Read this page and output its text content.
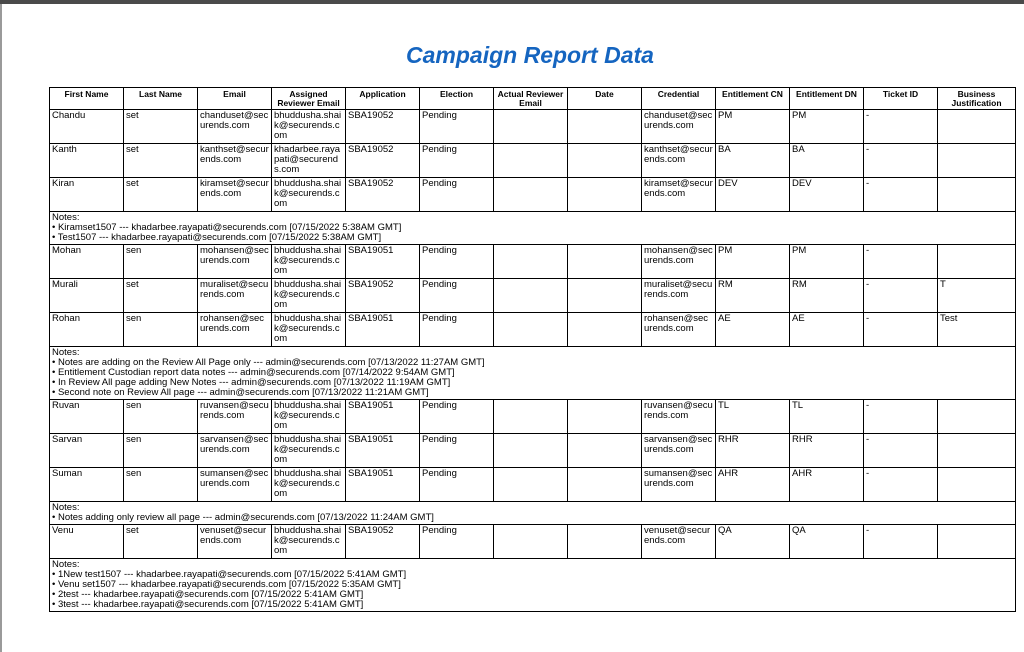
Campaign Report Data
First Name	Last Name	Email	Assigned Reviewer Email	Application	Election	Actual Reviewer Email	Date	Credential	Entitlement CN	Entitlement DN	Ticket ID	Business Justification
Chandu	set	chanduset@securends.com	bhuddusha.shaik@securends.com	SBA19052	Pending			chanduset@securends.com	PM	PM	-	
Kanth	set	kanthset@securends.com	khadarbee.rayapati@securends.com	SBA19052	Pending			kanthset@securends.com	BA	BA	-	
Kiran	set	kiramset@securends.com	bhuddusha.shaik@securends.com	SBA19052	Pending			kiramset@securends.com	DEV	DEV	-	

Notes:
• Kiramset1507 --- khadarbee.rayapati@securends.com [07/15/2022 5:38AM GMT]
• Test1507 --- khadarbee.rayapati@securends.com [07/15/2022 5:38AM GMT]

Mohan	sen	mohansen@securends.com	bhuddusha.shaik@securends.com	SBA19051	Pending			mohansen@securends.com	PM	PM	-	
Murali	set	muraliset@securends.com	bhuddusha.shaik@securends.com	SBA19052	Pending			muraliset@securends.com	RM	RM	-	T
Rohan	sen	rohansen@securends.com	bhuddusha.shaik@securends.com	SBA19051	Pending			rohansen@securends.com	AE	AE	-	Test

Notes:
• Notes are adding on the Review All Page only --- admin@securends.com [07/13/2022 11:27AM GMT]
• Entitlement Custodian report data notes --- admin@securends.com [07/14/2022 9:54AM GMT]
• In Review All page adding New Notes --- admin@securends.com [07/13/2022 11:19AM GMT]
• Second note on Review All page --- admin@securends.com [07/13/2022 11:21AM GMT]

Ruvan	sen	ruvansen@securends.com	bhuddusha.shaik@securends.com	SBA19051	Pending			ruvansen@securends.com	TL	TL	-	
Sarvan	sen	sarvansen@securends.com	bhuddusha.shaik@securends.com	SBA19051	Pending			sarvansen@securends.com	RHR	RHR	-	
Suman	sen	sumansen@securends.com	bhuddusha.shaik@securends.com	SBA19051	Pending			sumansen@securends.com	AHR	AHR	-	

Notes:
• Notes adding only review all page --- admin@securends.com [07/13/2022 11:24AM GMT]

Venu	set	venuset@securends.com	bhuddusha.shaik@securends.com	SBA19052	Pending			venuset@securends.com	QA	QA	-	

Notes:
• 1New test1507 --- khadarbee.rayapati@securends.com [07/15/2022 5:41AM GMT]
• Venu set1507 --- khadarbee.rayapati@securends.com [07/15/2022 5:35AM GMT]
• 2test --- khadarbee.rayapati@securends.com [07/15/2022 5:41AM GMT]
• 3test --- khadarbee.rayapati@securends.com [07/15/2022 5:41AM GMT]
